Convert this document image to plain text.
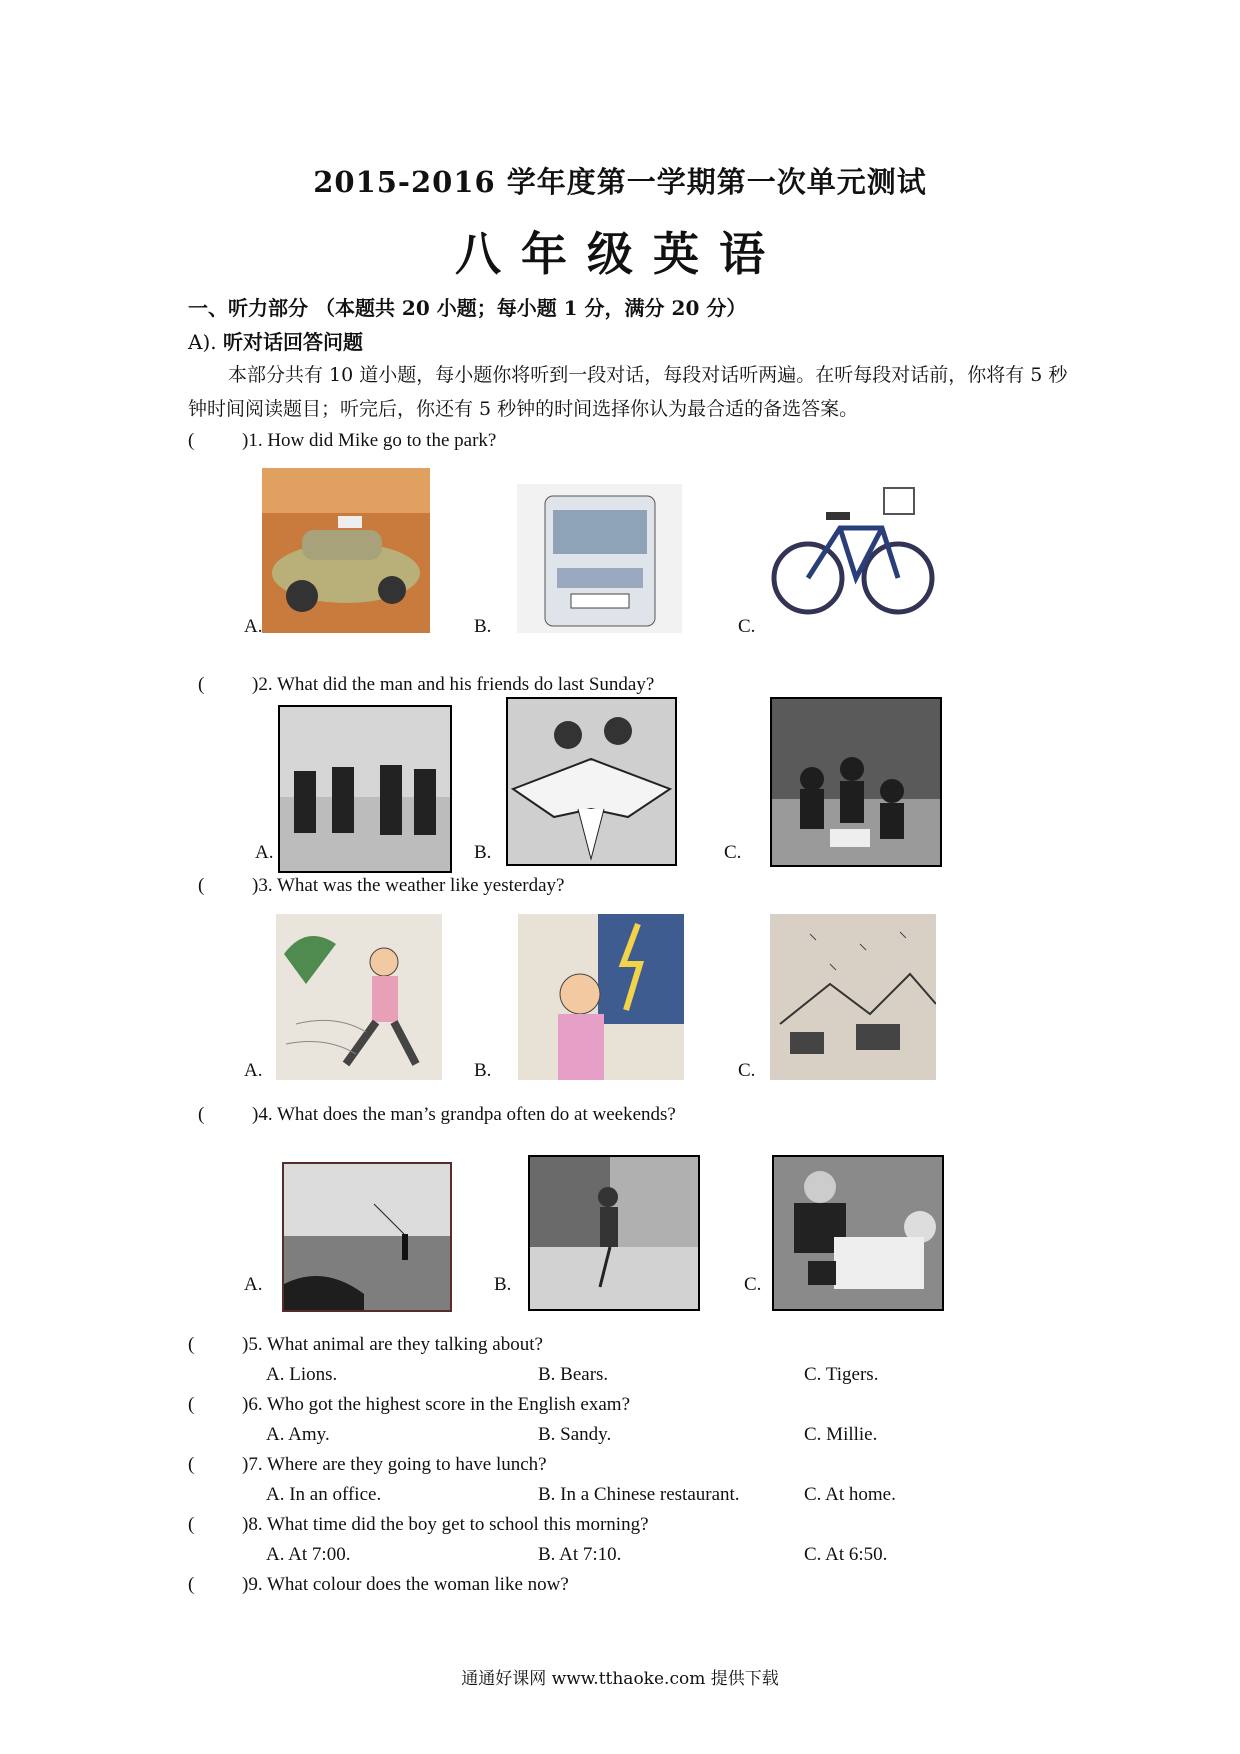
2015-2016 学年度第一学期第一次单元测试
八年级英语
一、听力部分 （本题共 20 小题；每小题 1 分，满分 20 分）
A). 听对话回答问题
本部分共有 10 道小题，每小题你将听到一段对话，每段对话听两遍。在听每段对话前，你将有 5 秒钟时间阅读题目；听完后，你还有 5 秒钟的时间选择你认为最合适的备选答案。
(	)1. How did Mike go to the park?
A.	B.	C.
(	)2. What did the man and his friends do last Sunday?
A.	B.	C.
(	)3. What was the weather like yesterday?
A.	B.	C.
(	)4. What does the man’s grandpa often do at weekends?
A.	B.	C.
(	)5. What animal are they talking about?
A. Lions.	B. Bears.	C. Tigers.
(	)6. Who got the highest score in the English exam?
A. Amy.	B. Sandy.	C. Millie.
(	)7. Where are they going to have lunch?
A. In an office.	B. In a Chinese restaurant.	C. At home.
(	)8. What time did the boy get to school this morning?
A. At 7:00.	B. At 7:10.	C. At 6:50.
(	)9. What colour does the woman like now?
通通好课网 www.tthaoke.com 提供下载
